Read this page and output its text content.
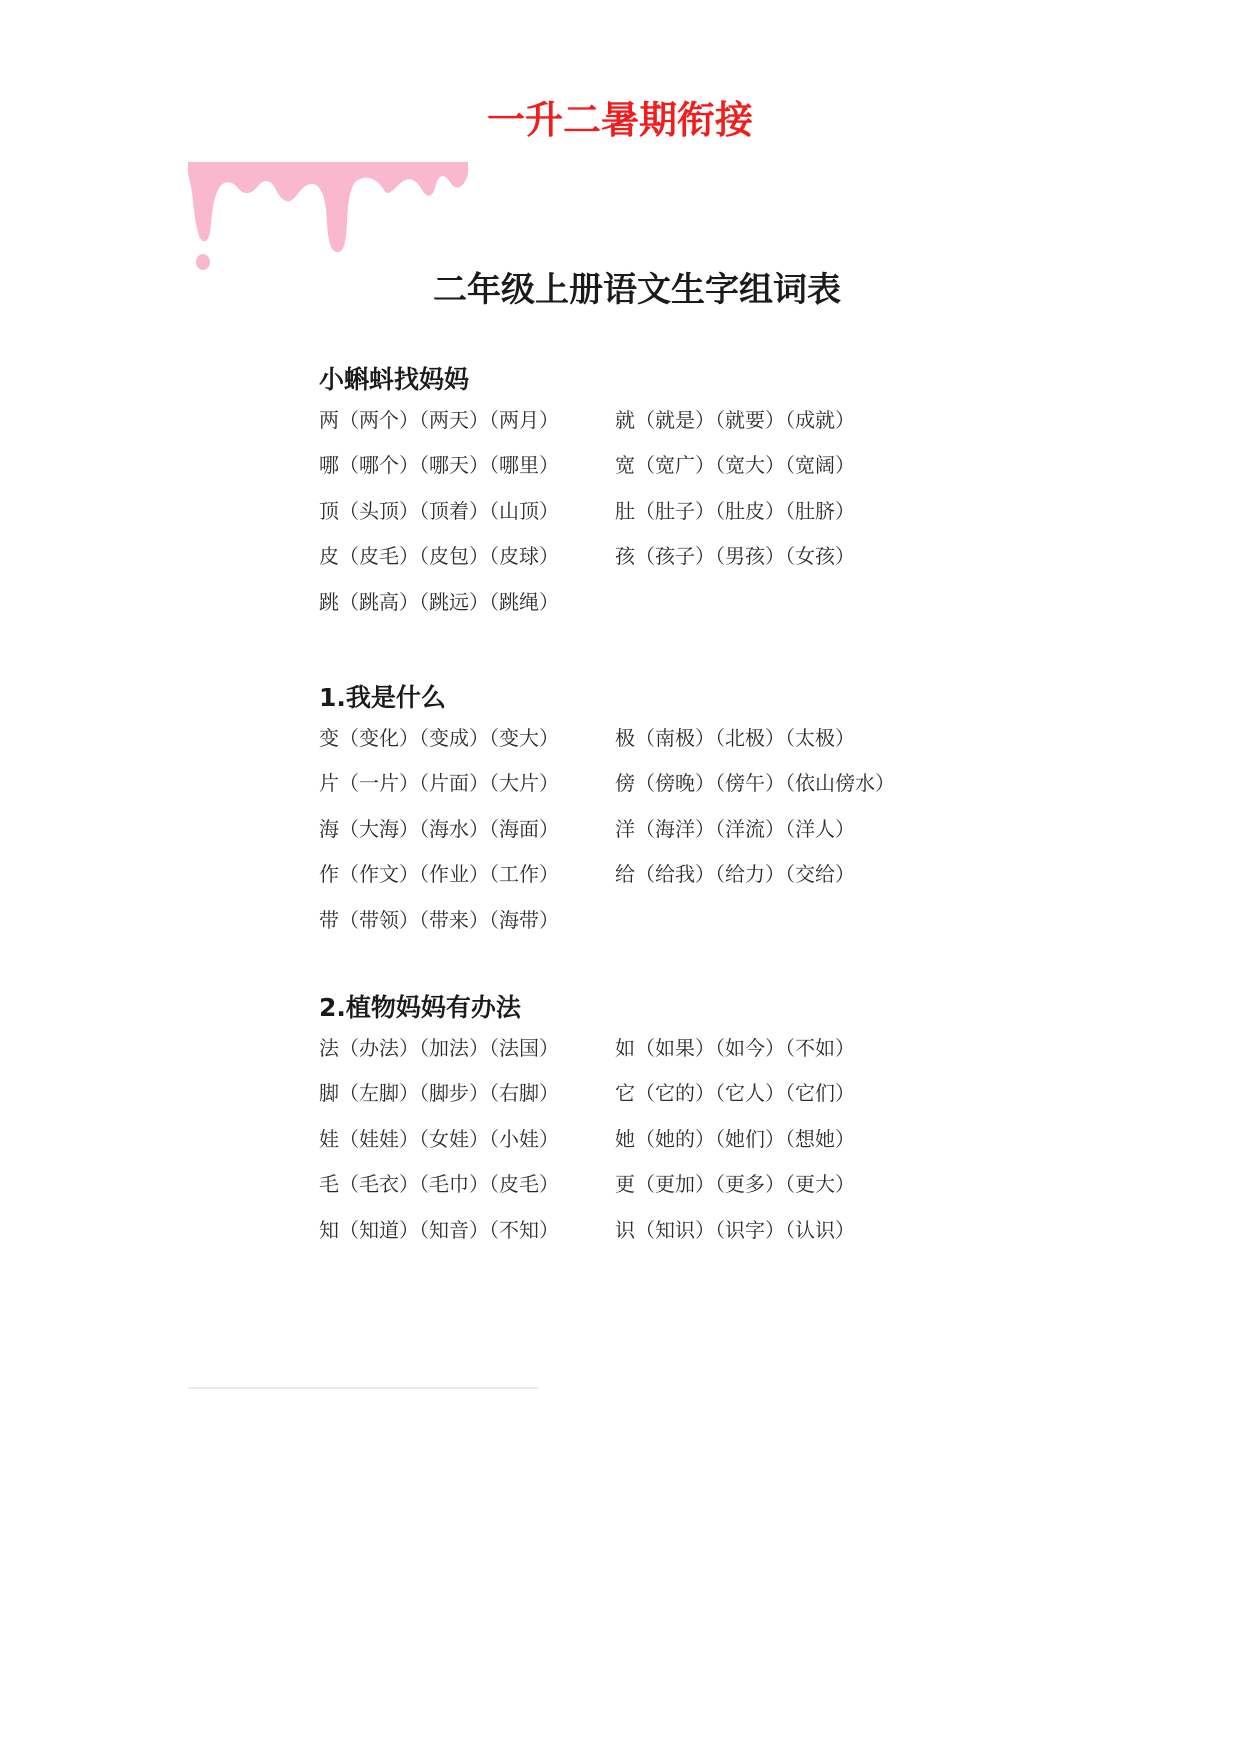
一升二暑期衔接
二年级上册语文生字组词表
小蝌蚪找妈妈
两（两个）（两天）（两月）	就（就是）（就要）（成就）
哪（哪个）（哪天）（哪里）	宽（宽广）（宽大）（宽阔）
顶（头顶）（顶着）（山顶）	肚（肚子）（肚皮）（肚脐）
皮（皮毛）（皮包）（皮球）	孩（孩子）（男孩）（女孩）
跳（跳高）（跳远）（跳绳）
1.我是什么
变（变化）（变成）（变大）	极（南极）（北极）（太极）
片（一片）（片面）（大片）	傍（傍晚）（傍午）（依山傍水）
海（大海）（海水）（海面）	洋（海洋）（洋流）（洋人）
作（作文）（作业）（工作）	给（给我）（给力）（交给）
带（带领）（带来）（海带）
2.植物妈妈有办法
法（办法）（加法）（法国）	如（如果）（如今）（不如）
脚（左脚）（脚步）（右脚）	它（它的）（它人）（它们）
娃（娃娃）（女娃）（小娃）	她（她的）（她们）（想她）
毛（毛衣）（毛巾）（皮毛）	更（更加）（更多）（更大）
知（知道）（知音）（不知）	识（知识）（识字）（认识）
